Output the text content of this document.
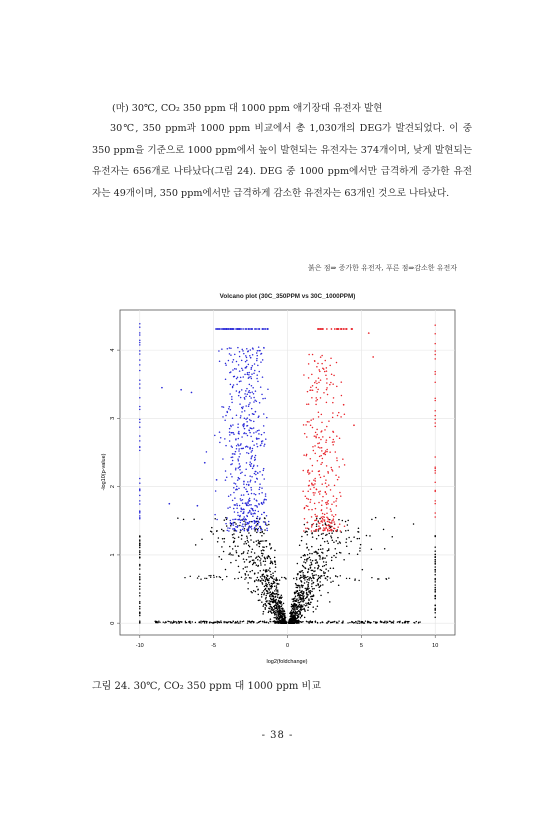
(마) 30℃, CO₂ 350 ppm 대 1000 ppm 애기장대 유전자 발현

30℃, 350 ppm과 1000 ppm 비교에서 총 1,030개의 DEG가 발견되었다. 이 중 350 ppm을 기준으로 1000 ppm에서 높이 발현되는 유전자는 374개이며, 낮게 발현되는 유전자는 656개로 나타났다(그림 24). DEG 중 1000 ppm에서만 급격하게 증가한 유전자는 49개이며, 350 ppm에서만 급격하게 감소한 유전자는 63개인 것으로 나타났다.

붉은 점⇒ 증가한 유전자, 푸른 점⇒감소한 유전자
Volcano plot (30C_350PPM vs 30C_1000PPM)
-10	-5	0	5	10
0
1
2
3
4
log2(foldchange)
-log10(p-value)
그림 24. 30℃, CO₂ 350 ppm 대 1000 ppm 비교
- 38 -
